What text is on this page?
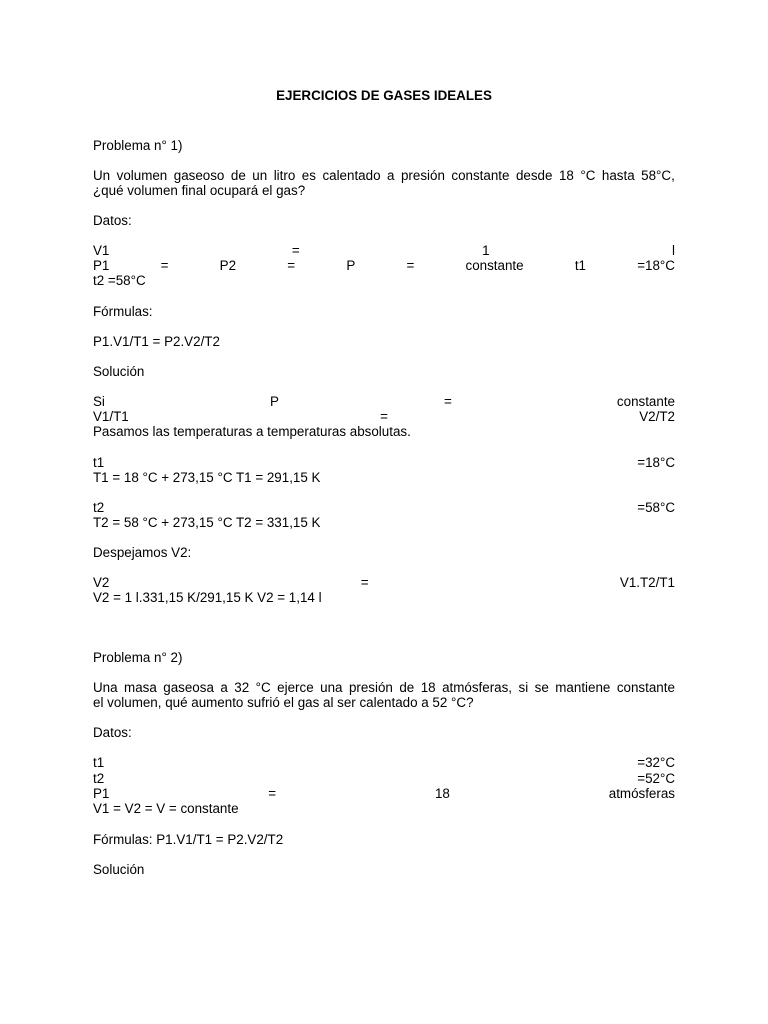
EJERCICIOS DE GASES IDEALES
Problema n° 1)
Un volumen gaseoso de un litro es calentado a presión constante desde 18 °C hasta 58°C,
¿qué volumen final ocupará el gas?
Datos:
V1	=	1	l
P1	=	P2	=	P	=	constante	t1	=18°C
t2 =58°C
Fórmulas:
P1.V1/T1 = P2.V2/T2
Solución
Si	P	=	constante
V1/T1	=	V2/T2
Pasamos las temperaturas a temperaturas absolutas.
t1	=18°C
T1 = 18 °C + 273,15 °C T1 = 291,15 K
t2	=58°C
T2 = 58 °C + 273,15 °C T2 = 331,15 K
Despejamos V2:
V2	=	V1.T2/T1
V2 = 1 l.331,15 K/291,15 K V2 = 1,14 l
Problema n° 2)
Una masa gaseosa a 32 °C ejerce una presión de 18 atmósferas, si se mantiene constante
el volumen, qué aumento sufrió el gas al ser calentado a 52 °C?
Datos:
t1	=32°C
t2	=52°C
P1	=	18	atmósferas
V1 = V2 = V = constante
Fórmulas: P1.V1/T1 = P2.V2/T2
Solución
